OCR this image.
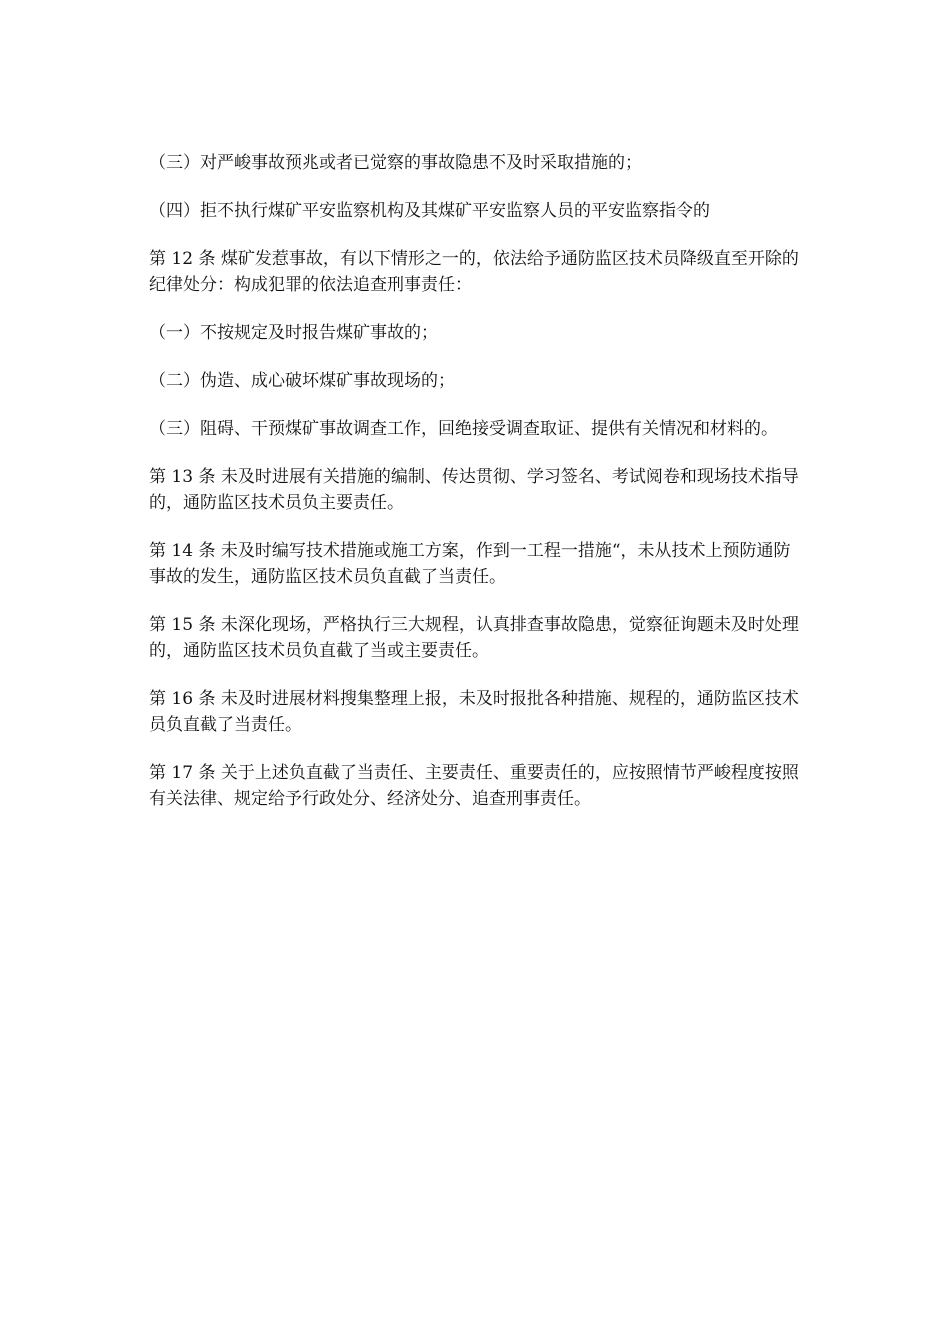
（三）对严峻事故预兆或者已觉察的事故隐患不及时采取措施的；

（四）拒不执行煤矿平安监察机构及其煤矿平安监察人员的平安监察指令的

第 12 条 煤矿发惹事故，有以下情形之一的，依法给予通防监区技术员降级直至开除的纪律处分：构成犯罪的依法追查刑事责任：

（一）不按规定及时报告煤矿事故的；

（二）伪造、成心破坏煤矿事故现场的；

（三）阻碍、干预煤矿事故调查工作，回绝接受调查取证、提供有关情况和材料的。

第 13 条 未及时进展有关措施的编制、传达贯彻、学习签名、考试阅卷和现场技术指导的，通防监区技术员负主要责任。

第 14 条 未及时编写技术措施或施工方案，作到一工程一措施“，未从技术上预防通防事故的发生，通防监区技术员负直截了当责任。

第 15 条 未深化现场，严格执行三大规程，认真排查事故隐患，觉察征询题未及时处理的，通防监区技术员负直截了当或主要责任。

第 16 条 未及时进展材料搜集整理上报，未及时报批各种措施、规程的，通防监区技术员负直截了当责任。

第 17 条 关于上述负直截了当责任、主要责任、重要责任的，应按照情节严峻程度按照有关法律、规定给予行政处分、经济处分、追查刑事责任。
